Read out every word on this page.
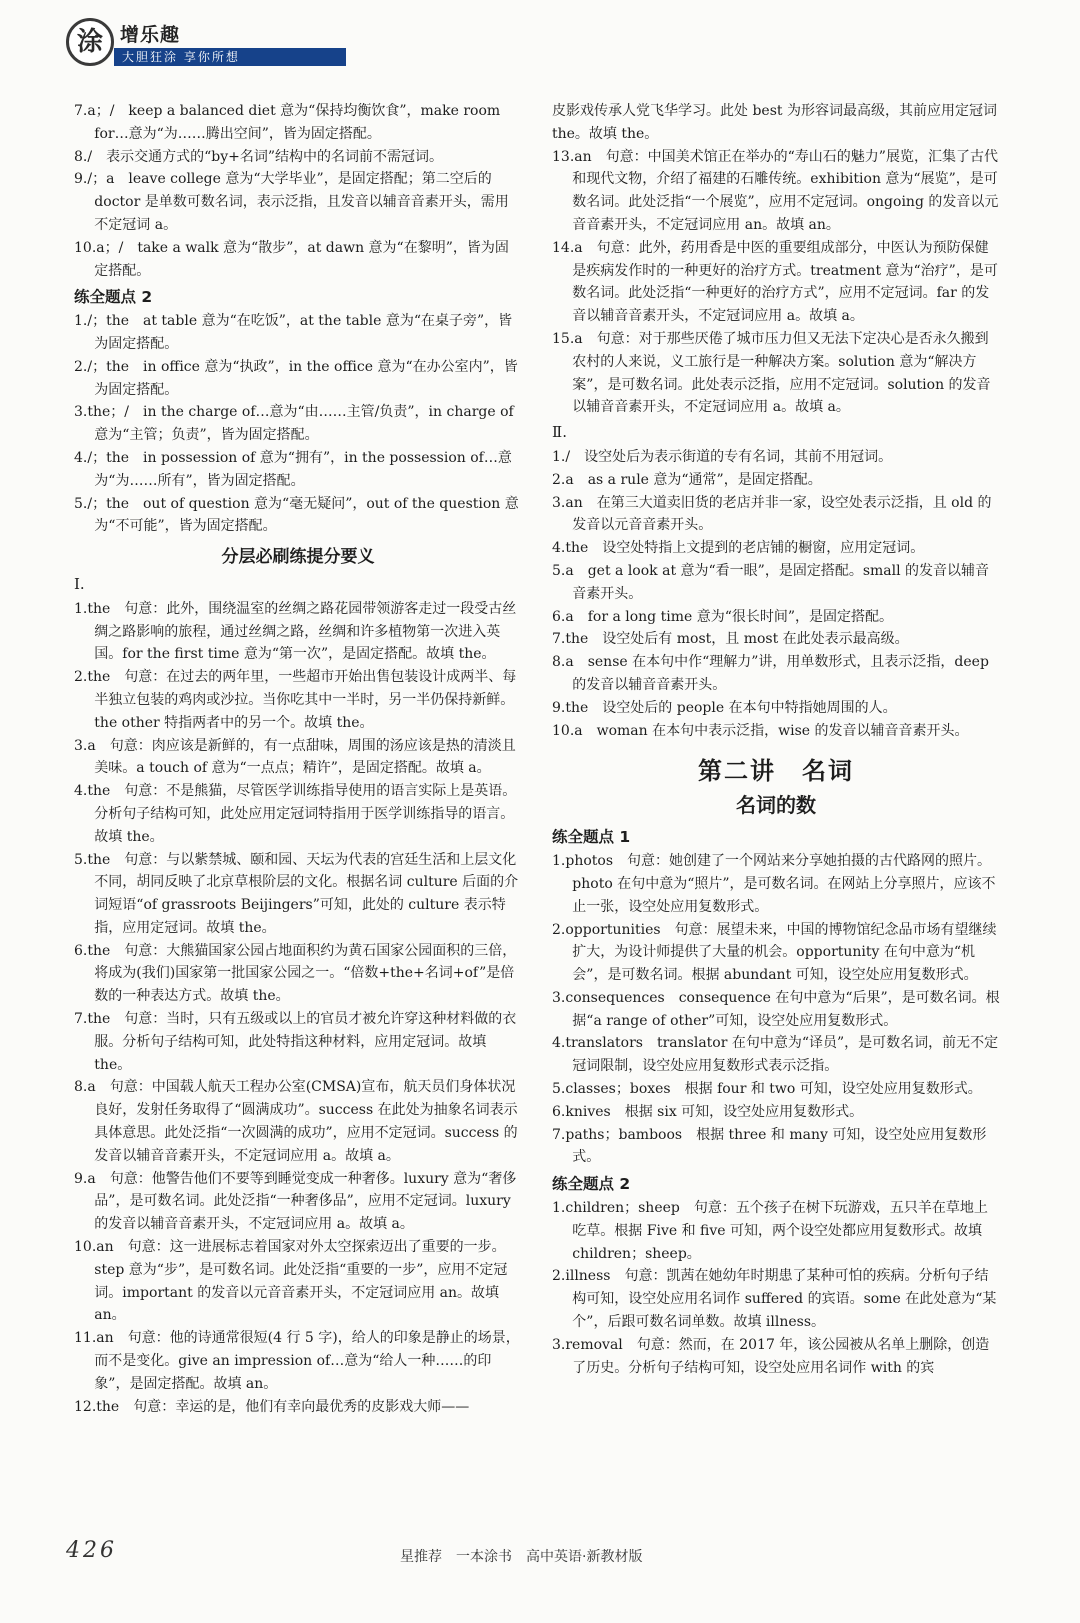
涂 增乐趣
大胆狂涂 享你所想

7.a；/　keep a balanced diet 意为“保持均衡饮食”，make room for…意为“为……腾出空间”，皆为固定搭配。

8./　表示交通方式的“by+名词”结构中的名词前不需冠词。

9./；a　leave college 意为“大学毕业”，是固定搭配；第二空后的 doctor 是单数可数名词，表示泛指，且发音以辅音音素开头，需用不定冠词 a。

10.a；/　take a walk 意为“散步”，at dawn 意为“在黎明”，皆为固定搭配。

练全题点 2

1./；the　at table 意为“在吃饭”，at the table 意为“在桌子旁”，皆为固定搭配。

2./；the　in office 意为“执政”，in the office 意为“在办公室内”，皆为固定搭配。

3.the；/　in the charge of…意为“由……主管/负责”，in charge of 意为“主管；负责”，皆为固定搭配。

4./；the　in possession of 意为“拥有”，in the possession of…意为“为……所有”，皆为固定搭配。

5./；the　out of question 意为“毫无疑问”，out of the question 意为“不可能”，皆为固定搭配。

分层必刷练提分要义
Ⅰ.

1.the　句意：此外，围绕温室的丝绸之路花园带领游客走过一段受古丝绸之路影响的旅程，通过丝绸之路，丝绸和许多植物第一次进入英国。for the first time 意为“第一次”，是固定搭配。故填 the。

2.the　句意：在过去的两年里，一些超市开始出售包装设计成两半、每半独立包装的鸡肉或沙拉。当你吃其中一半时，另一半仍保持新鲜。the other 特指两者中的另一个。故填 the。

3.a　句意：肉应该是新鲜的，有一点甜味，周围的汤应该是热的清淡且美味。a touch of 意为“一点点；精许”，是固定搭配。故填 a。

4.the　句意：不是熊猫，尽管医学训练指导使用的语言实际上是英语。分析句子结构可知，此处应用定冠词特指用于医学训练指导的语言。故填 the。

5.the　句意：与以紫禁城、颐和园、天坛为代表的宫廷生活和上层文化不同，胡同反映了北京草根阶层的文化。根据名词 culture 后面的介词短语“of grassroots Beijingers”可知，此处的 culture 表示特指，应用定冠词。故填 the。

6.the　句意：大熊猫国家公园占地面积约为黄石国家公园面积的三倍，将成为(我们)国家第一批国家公园之一。“倍数+the+名词+of”是倍数的一种表达方式。故填 the。

7.the　句意：当时，只有五级或以上的官员才被允许穿这种材料做的衣服。分析句子结构可知，此处特指这种材料，应用定冠词。故填 the。

8.a　句意：中国载人航天工程办公室(CMSA)宣布，航天员们身体状况良好，发射任务取得了“圆满成功”。success 在此处为抽象名词表示具体意思。此处泛指“一次圆满的成功”，应用不定冠词。success 的发音以辅音音素开头，不定冠词应用 a。故填 a。

9.a　句意：他警告他们不要等到睡觉变成一种奢侈。luxury 意为“奢侈品”，是可数名词。此处泛指“一种奢侈品”，应用不定冠词。luxury 的发音以辅音音素开头，不定冠词应用 a。故填 a。

10.an　句意：这一进展标志着国家对外太空探索迈出了重要的一步。step 意为“步”，是可数名词。此处泛指“重要的一步”，应用不定冠词。important 的发音以元音音素开头，不定冠词应用 an。故填 an。

11.an　句意：他的诗通常很短(4 行 5 字)，给人的印象是静止的场景，而不是变化。give an impression of…意为“给人一种……的印象”，是固定搭配。故填 an。

12.the　句意：幸运的是，他们有幸向最优秀的皮影戏大师——

皮影戏传承人党飞华学习。此处 best 为形容词最高级，其前应用定冠词 the。故填 the。

13.an　句意：中国美术馆正在举办的“寿山石的魅力”展览，汇集了古代和现代文物，介绍了福建的石雕传统。exhibition 意为“展览”，是可数名词。此处泛指“一个展览”，应用不定冠词。ongoing 的发音以元音音素开头，不定冠词应用 an。故填 an。

14.a　句意：此外，药用香是中医的重要组成部分，中医认为预防保健是疾病发作时的一种更好的治疗方式。treatment 意为“治疗”，是可数名词。此处泛指“一种更好的治疗方式”，应用不定冠词。far 的发音以辅音音素开头，不定冠词应用 a。故填 a。

15.a　句意：对于那些厌倦了城市压力但又无法下定决心是否永久搬到农村的人来说，义工旅行是一种解决方案。solution 意为“解决方案”，是可数名词。此处表示泛指，应用不定冠词。solution 的发音以辅音音素开头，不定冠词应用 a。故填 a。

Ⅱ.

1./　设空处后为表示街道的专有名词，其前不用冠词。

2.a　as a rule 意为“通常”，是固定搭配。

3.an　在第三大道卖旧货的老店并非一家，设空处表示泛指，且 old 的发音以元音音素开头。

4.the　设空处特指上文提到的老店铺的橱窗，应用定冠词。

5.a　get a look at 意为“看一眼”，是固定搭配。small 的发音以辅音音素开头。

6.a　for a long time 意为“很长时间”，是固定搭配。

7.the　设空处后有 most，且 most 在此处表示最高级。

8.a　sense 在本句中作“理解力”讲，用单数形式，且表示泛指，deep 的发音以辅音音素开头。

9.the　设空处后的 people 在本句中特指她周围的人。

10.a　woman 在本句中表示泛指，wise 的发音以辅音音素开头。

第二讲　名词
名词的数
练全题点 1

1.photos　句意：她创建了一个网站来分享她拍摄的古代路网的照片。photo 在句中意为“照片”，是可数名词。在网站上分享照片，应该不止一张，设空处应用复数形式。

2.opportunities　句意：展望未来，中国的博物馆纪念品市场有望继续扩大，为设计师提供了大量的机会。opportunity 在句中意为“机会”，是可数名词。根据 abundant 可知，设空处应用复数形式。

3.consequences　consequence 在句中意为“后果”，是可数名词。根据“a range of other”可知，设空处应用复数形式。

4.translators　translator 在句中意为“译员”，是可数名词，前无不定冠词限制，设空处应用复数形式表示泛指。

5.classes；boxes　根据 four 和 two 可知，设空处应用复数形式。

6.knives　根据 six 可知，设空处应用复数形式。

7.paths；bamboos　根据 three 和 many 可知，设空处应用复数形式。

练全题点 2

1.children；sheep　句意：五个孩子在树下玩游戏，五只羊在草地上吃草。根据 Five 和 five 可知，两个设空处都应用复数形式。故填 children；sheep。

2.illness　句意：凯茜在她幼年时期患了某种可怕的疾病。分析句子结构可知，设空处应用名词作 suffered 的宾语。some 在此处意为“某个”，后跟可数名词单数。故填 illness。

3.removal　句意：然而，在 2017 年，该公园被从名单上删除，创造了历史。分析句子结构可知，设空处应用名词作 with 的宾

426	星推荐　一本涂书　高中英语·新教材版
